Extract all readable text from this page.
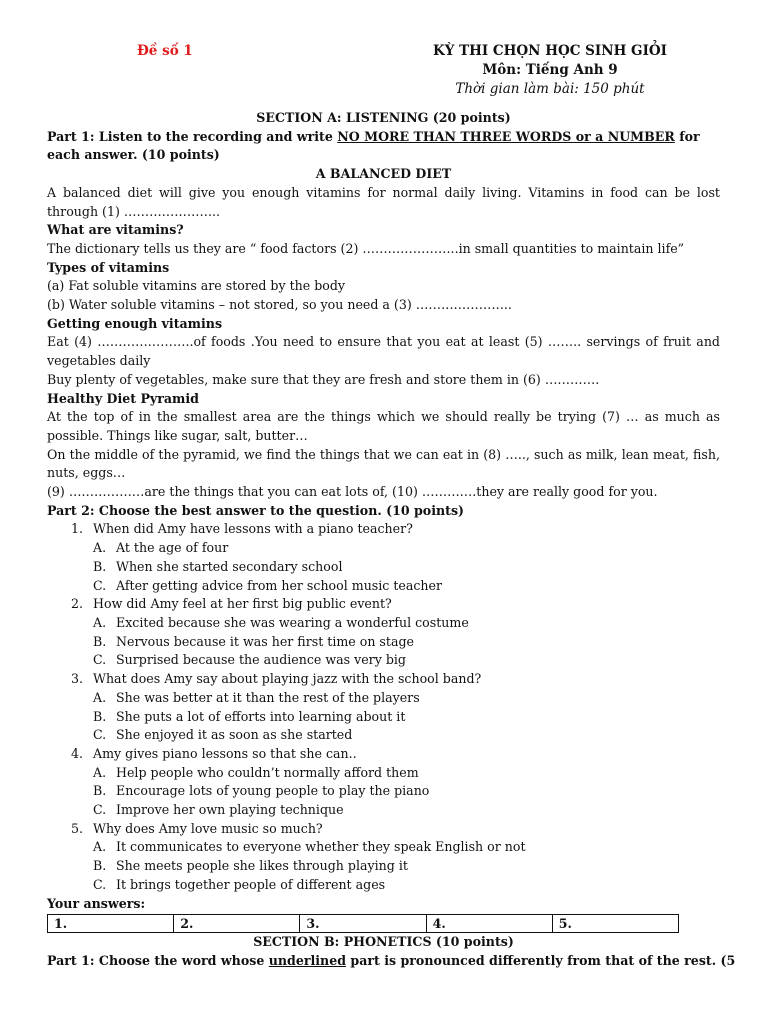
Đề số 1	KỲ THI CHỌN HỌC SINH GIỎI
Môn: Tiếng Anh 9
Thời gian làm bài: 150 phút

SECTION A: LISTENING (20 points)

Part 1: Listen to the recording and write NO MORE THAN THREE WORDS or a NUMBER for each answer. (10 points)

A BALANCED DIET

A balanced diet will give you enough vitamins for normal daily living. Vitamins in food can be lost through (1) …………………..

What are vitamins?

The dictionary tells us they are “ food factors (2) …………………..in small quantities to maintain life”

Types of vitamins

(a) Fat soluble vitamins are stored by the body

(b) Water soluble vitamins – not stored, so you need a (3) …………………..

Getting enough vitamins

Eat (4) …………………..of foods .You need to ensure that you eat at least (5) …….. servings of fruit and vegetables daily

Buy plenty of vegetables, make sure that they are fresh and store them in (6) ………….

Healthy Diet Pyramid

At the top of in the smallest area are the things which we should really be trying (7) … as much as possible. Things like sugar, salt, butter…

On the middle of the pyramid, we find the things that we can eat in (8) ….., such as milk, lean meat, fish, nuts, eggs…

(9) ………………are the things that you can eat lots of, (10) ………….they are really good for you.

Part 2: Choose the best answer to the question. (10 points)

1. When did Amy have lessons with a piano teacher?

A. At the age of four

B. When she started secondary school

C. After getting advice from her school music teacher

2. How did Amy feel at her first big public event?

A. Excited because she was wearing a wonderful costume

B. Nervous because it was her first time on stage

C. Surprised because the audience was very big

3. What does Amy say about playing jazz with the school band?

A. She was better at it than the rest of the players

B. She puts a lot of efforts into learning about it

C. She enjoyed it as soon as she started

4. Amy gives piano lessons so that she can..

A. Help people who couldn’t normally afford them

B. Encourage lots of young people to play the piano

C. Improve her own playing technique

5. Why does Amy love music so much?

A. It communicates to everyone whether they speak English or not

B. She meets people she likes through playing it

C. It brings together people of different ages

Your answers:

1.	2.	3.	4.	5.

SECTION B: PHONETICS (10 points)

Part 1: Choose the word whose underlined part is pronounced differently from that of the rest. (5
